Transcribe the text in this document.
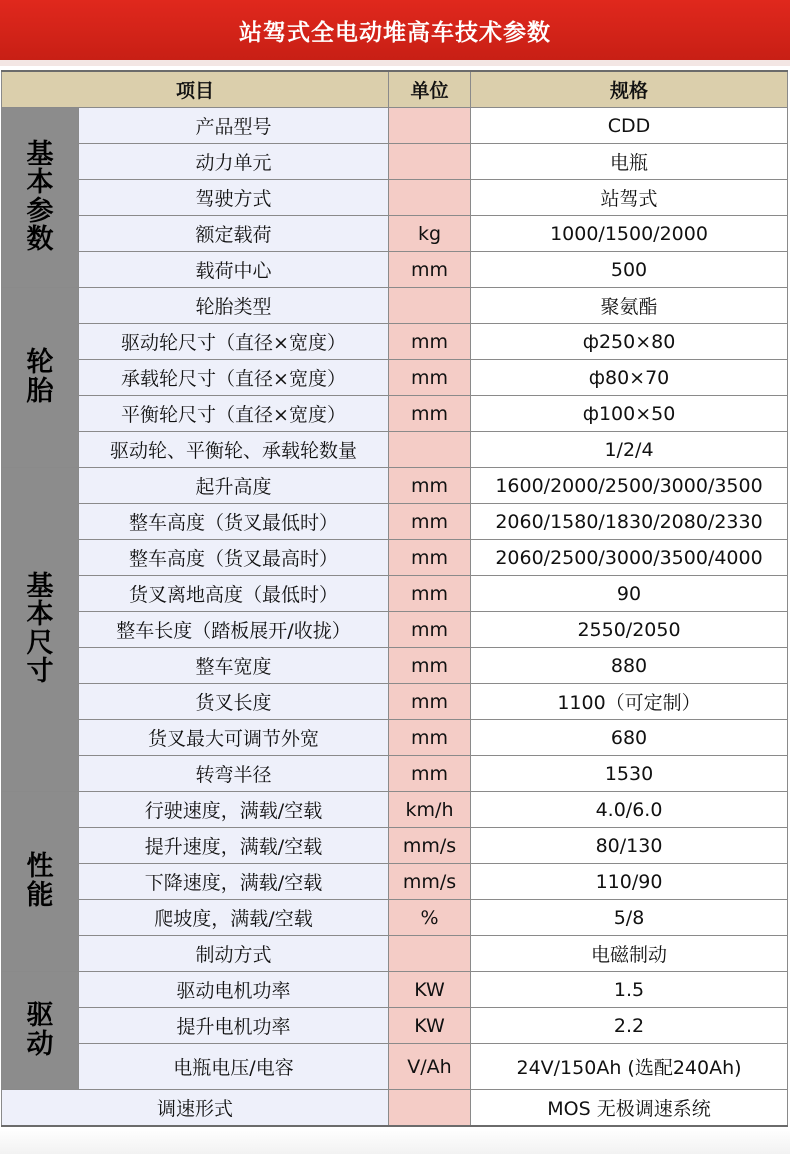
站驾式全电动堆高车技术参数
项目		单位	规格

基本参数	产品型号		CDD
	动力单元		电瓶
	驾驶方式		站驾式
	额定载荷	kg	1000/1500/2000
	载荷中心	mm	500

轮胎	轮胎类型		聚氨酯
	驱动轮尺寸（直径×宽度）	mm	ф250×80
	承载轮尺寸（直径×宽度）	mm	ф80×70
	平衡轮尺寸（直径×宽度）	mm	ф100×50
	驱动轮、平衡轮、承载轮数量		1/2/4

基本尺寸	起升高度	mm	1600/2000/2500/3000/3500
	整车高度（货叉最低时）	mm	2060/1580/1830/2080/2330
	整车高度（货叉最高时）	mm	2060/2500/3000/3500/4000
	货叉离地高度（最低时）	mm	90
	整车长度（踏板展开/收拢）	mm	2550/2050
	整车宽度	mm	880
	货叉长度	mm	1100（可定制）
	货叉最大可调节外宽	mm	680
	转弯半径	mm	1530

性能	行驶速度，满载/空载	km/h	4.0/6.0
	提升速度，满载/空载	mm/s	80/130
	下降速度，满载/空载	mm/s	110/90
	爬坡度，满载/空载	%	5/8
	制动方式		电磁制动

驱动	驱动电机功率	KW	1.5
	提升电机功率	KW	2.2
	电瓶电压/电容	V/Ah	24V/150Ah (选配240Ah)
调速形式			MOS 无极调速系统
